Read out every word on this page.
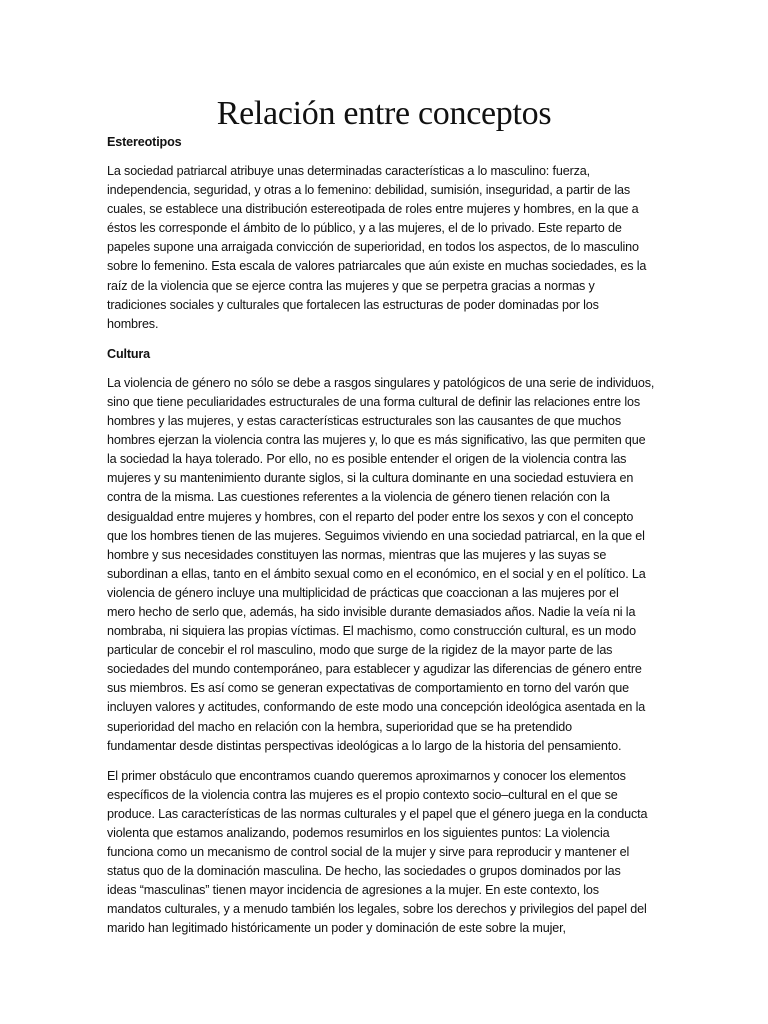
Relación entre conceptos
Estereotipos
La sociedad patriarcal atribuye unas determinadas características a lo masculino: fuerza,
independencia, seguridad, y otras a lo femenino: debilidad, sumisión, inseguridad, a partir de las
cuales, se establece una distribución estereotipada de roles entre mujeres y hombres, en la que a
éstos les corresponde el ámbito de lo público, y a las mujeres, el de lo privado. Este reparto de
papeles supone una arraigada convicción de superioridad, en todos los aspectos, de lo masculino
sobre lo femenino. Esta escala de valores patriarcales que aún existe en muchas sociedades, es la
raíz de la violencia que se ejerce contra las mujeres y que se perpetra gracias a normas y
tradiciones sociales y culturales que fortalecen las estructuras de poder dominadas por los
hombres.
Cultura
La violencia de género no sólo se debe a rasgos singulares y patológicos de una serie de individuos,
sino que tiene peculiaridades estructurales de una forma cultural de definir las relaciones entre los
hombres y las mujeres, y estas características estructurales son las causantes de que muchos
hombres ejerzan la violencia contra las mujeres y, lo que es más significativo, las que permiten que
la sociedad la haya tolerado. Por ello, no es posible entender el origen de la violencia contra las
mujeres y su mantenimiento durante siglos, si la cultura dominante en una sociedad estuviera en
contra de la misma. Las cuestiones referentes a la violencia de género tienen relación con la
desigualdad entre mujeres y hombres, con el reparto del poder entre los sexos y con el concepto
que los hombres tienen de las mujeres. Seguimos viviendo en una sociedad patriarcal, en la que el
hombre y sus necesidades constituyen las normas, mientras que las mujeres y las suyas se
subordinan a ellas, tanto en el ámbito sexual como en el económico, en el social y en el político. La
violencia de género incluye una multiplicidad de prácticas que coaccionan a las mujeres por el
mero hecho de serlo que, además, ha sido invisible durante demasiados años. Nadie la veía ni la
nombraba, ni siquiera las propias víctimas. El machismo, como construcción cultural, es un modo
particular de concebir el rol masculino, modo que surge de la rigidez de la mayor parte de las
sociedades del mundo contemporáneo, para establecer y agudizar las diferencias de género entre
sus miembros. Es así como se generan expectativas de comportamiento en torno del varón que
incluyen valores y actitudes, conformando de este modo una concepción ideológica asentada en la
superioridad del macho en relación con la hembra, superioridad que se ha pretendido
fundamentar desde distintas perspectivas ideológicas a lo largo de la historia del pensamiento.
El primer obstáculo que encontramos cuando queremos aproximarnos y conocer los elementos
específicos de la violencia contra las mujeres es el propio contexto socio–cultural en el que se
produce. Las características de las normas culturales y el papel que el género juega en la conducta
violenta que estamos analizando, podemos resumirlos en los siguientes puntos: La violencia
funciona como un mecanismo de control social de la mujer y sirve para reproducir y mantener el
status quo de la dominación masculina. De hecho, las sociedades o grupos dominados por las
ideas “masculinas” tienen mayor incidencia de agresiones a la mujer. En este contexto, los
mandatos culturales, y a menudo también los legales, sobre los derechos y privilegios del papel del
marido han legitimado históricamente un poder y dominación de este sobre la mujer,
